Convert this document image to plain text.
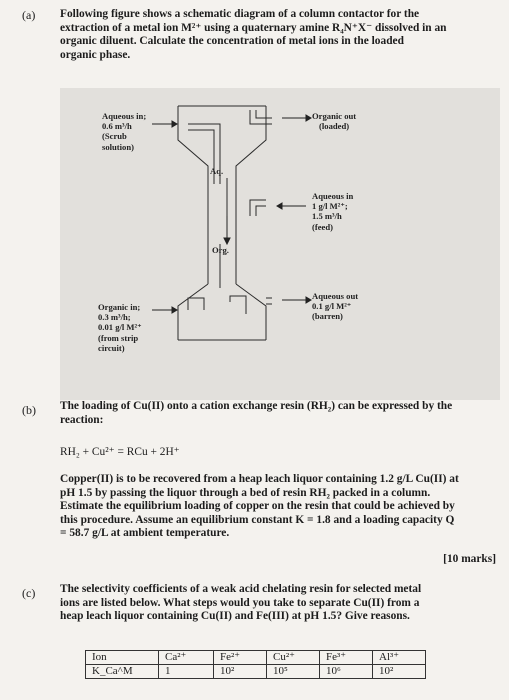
(a) Following figure shows a schematic diagram of a column contactor for the

extraction of a metal ion M²⁺ using a quaternary amine R₄N⁺X⁻ dissolved in an

organic diluent. Calculate the concentration of metal ions in the loaded

organic phase.

Aqueous in;
0.6 m³/h
(Scrub
solution)
Organic out
(loaded)
Aq.
Org.
Aqueous in
1 g/l M²⁺;
1.5 m³/h
(feed)
Organic in;
0.3 m³/h;
0.01 g/l M²⁺
(from strip
circuit)
Aqueous out
0.1 g/l M²⁺
(barren)
(b) The loading of Cu(II) onto a cation exchange resin (RH₂) can be expressed by the

reaction:

RH₂ + Cu²⁺ = RCu + 2H⁺

Copper(II) is to be recovered from a heap leach liquor containing 1.2 g/L Cu(II) at

pH 1.5 by passing the liquor through a bed of resin RH₂ packed in a column.

Estimate the equilibrium loading of copper on the resin that could be achieved by

this procedure. Assume an equilibrium constant K = 1.8 and a loading capacity Q

= 58.7 g/L at ambient temperature.

[10 marks]
(c) The selectivity coefficients of a weak acid chelating resin for selected metal

ions are listed below. What steps would you take to separate Cu(II) from a

heap leach liquor containing Cu(II) and Fe(III) at pH 1.5? Give reasons.

Ion	Ca²⁺	Fe²⁺	Cu²⁺	Fe³⁺	Al³⁺
K_Ca^M	1	10²	10⁵	10⁶	10²
